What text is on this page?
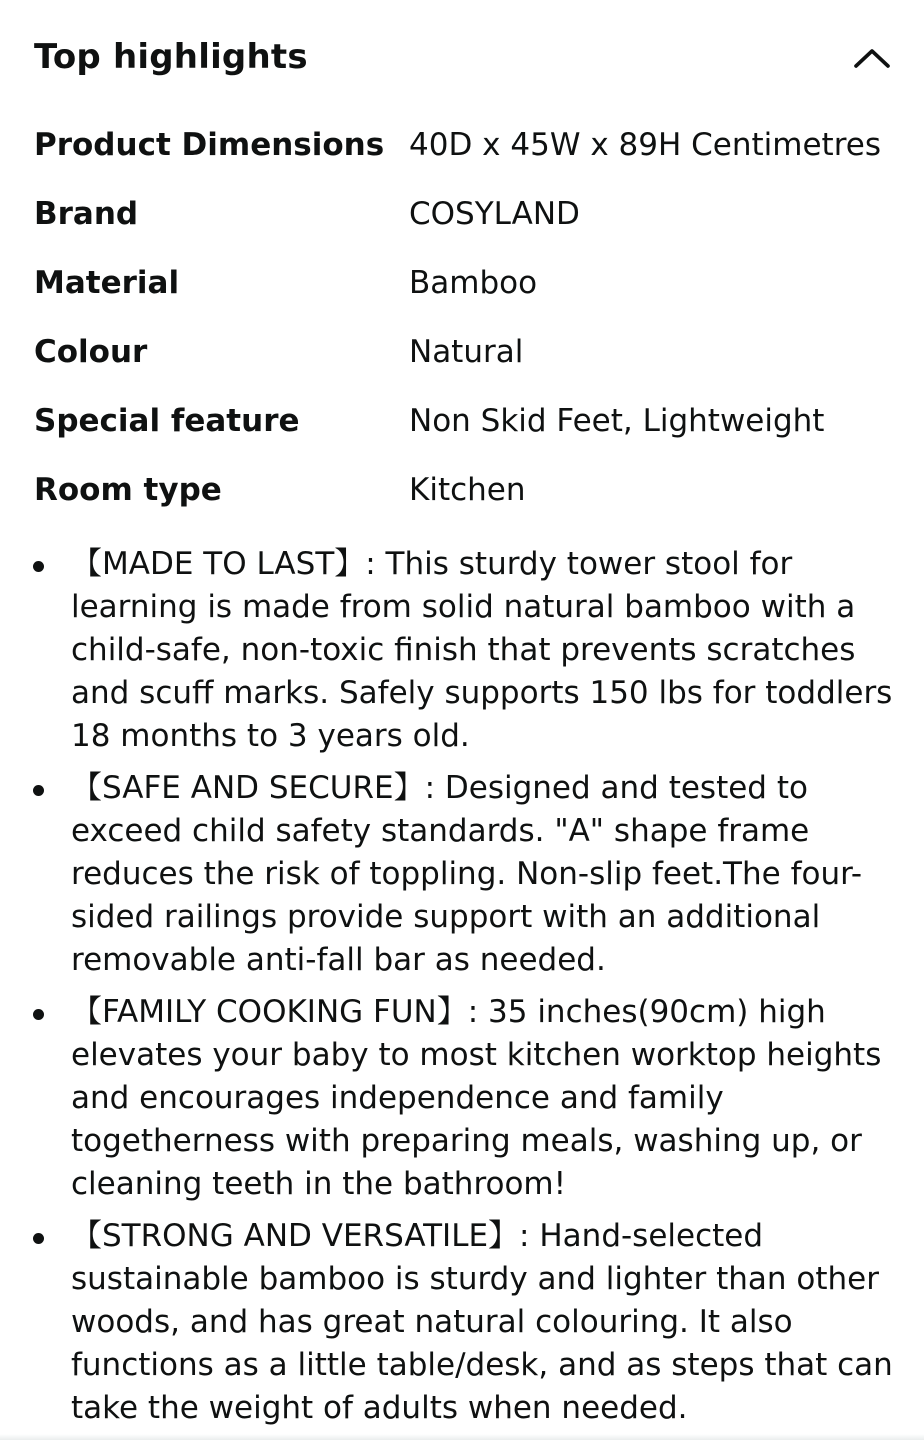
Top highlights
Product Dimensions 40D x 45W x 89H Centimetres
Brand	COSYLAND
Material	Bamboo
Colour	Natural
Special feature	Non Skid Feet, Lightweight
Room type	Kitchen
【MADE TO LAST】: This sturdy tower stool for learning is made from solid natural bamboo with a child-safe, non-toxic finish that prevents scratches and scuff marks. Safely supports 150 lbs for toddlers 18 months to 3 years old.
【SAFE AND SECURE】: Designed and tested to exceed child safety standards. "A" shape frame reduces the risk of toppling. Non-slip feet.The four-sided railings provide support with an additional removable anti-fall bar as needed.
【FAMILY COOKING FUN】: 35 inches(90cm) high elevates your baby to most kitchen worktop heights and encourages independence and family togetherness with preparing meals, washing up, or cleaning teeth in the bathroom!
【STRONG AND VERSATILE】: Hand-selected sustainable bamboo is sturdy and lighter than other woods, and has great natural colouring. It also functions as a little table/desk, and as steps that can take the weight of adults when needed.
